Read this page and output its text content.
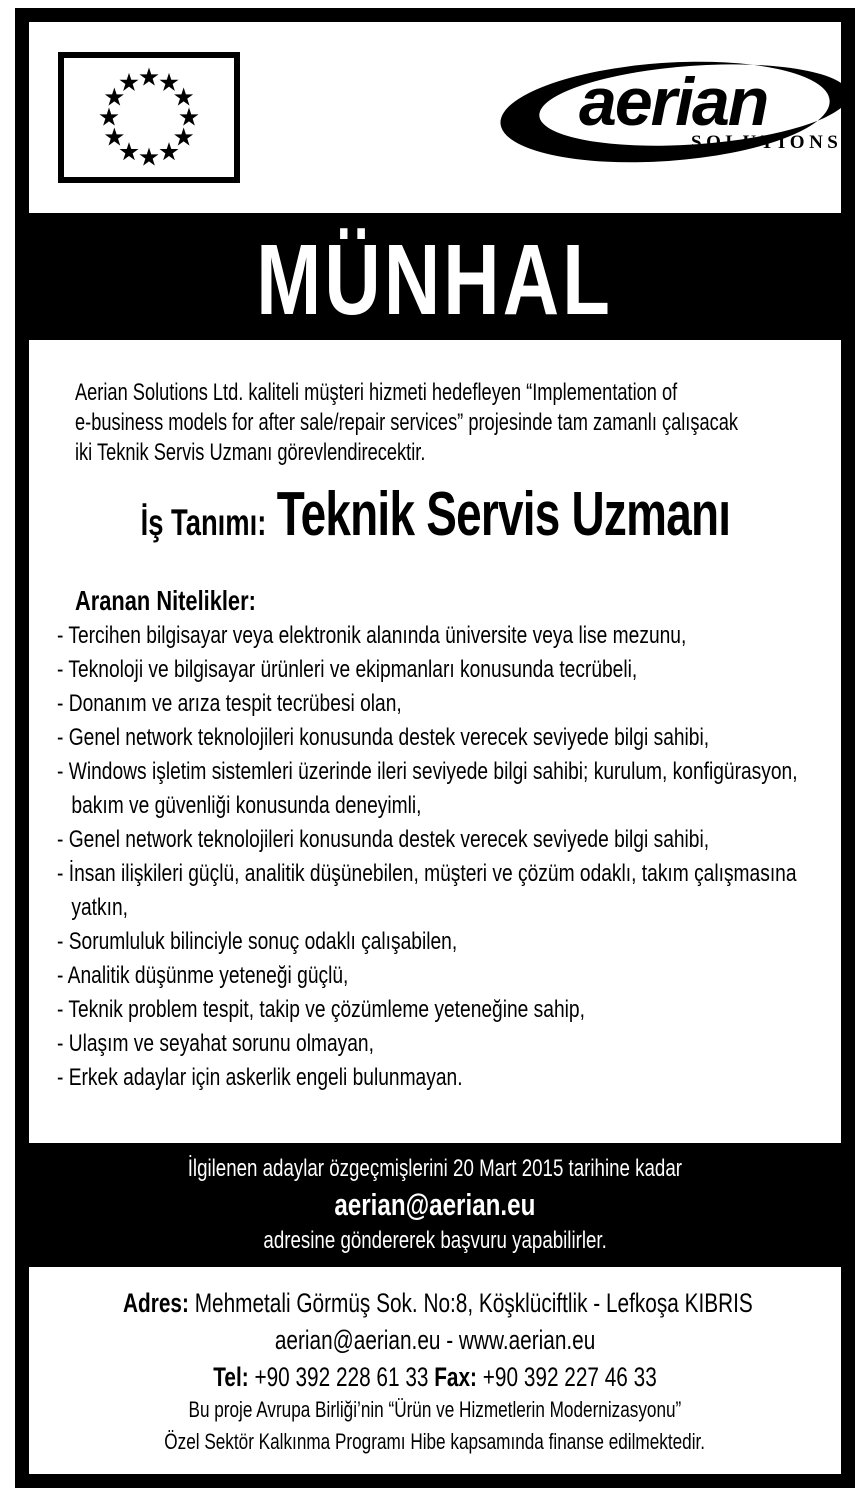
aerian
SOLUTIONS
MÜNHAL
Aerian Solutions Ltd. kaliteli müşteri hizmeti hedefleyen “Implementation of
e-business models for after sale/repair services” projesinde tam zamanlı çalışacak
iki Teknik Servis Uzmanı görevlendirecektir.
İş Tanımı: Teknik Servis Uzmanı
Aranan Nitelikler:
- Tercihen bilgisayar veya elektronik alanında üniversite veya lise mezunu,
- Teknoloji ve bilgisayar ürünleri ve ekipmanları konusunda tecrübeli,
- Donanım ve arıza tespit tecrübesi olan,
- Genel network teknolojileri konusunda destek verecek seviyede bilgi sahibi,
- Windows işletim sistemleri üzerinde ileri seviyede bilgi sahibi; kurulum, konfigürasyon, bakım ve güvenliği konusunda deneyimli,
- Genel network teknolojileri konusunda destek verecek seviyede bilgi sahibi,
- İnsan ilişkileri güçlü, analitik düşünebilen, müşteri ve çözüm odaklı, takım çalışmasına yatkın,
- Sorumluluk bilinciyle sonuç odaklı çalışabilen,
- Analitik düşünme yeteneği güçlü,
- Teknik problem tespit, takip ve çözümleme yeteneğine sahip,
- Ulaşım ve seyahat sorunu olmayan,
- Erkek adaylar için askerlik engeli bulunmayan.
İlgilenen adaylar özgeçmişlerini 20 Mart 2015 tarihine kadar
aerian@aerian.eu
adresine göndererek başvuru yapabilirler.
Adres: Mehmetali Görmüş Sok. No:8, Köşklüciftlik - Lefkoşa KIBRIS
aerian@aerian.eu - www.aerian.eu
Tel: +90 392 228 61 33 Fax: +90 392 227 46 33
Bu proje Avrupa Birliği’nin “Ürün ve Hizmetlerin Modernizasyonu”
Özel Sektör Kalkınma Programı Hibe kapsamında finanse edilmektedir.
